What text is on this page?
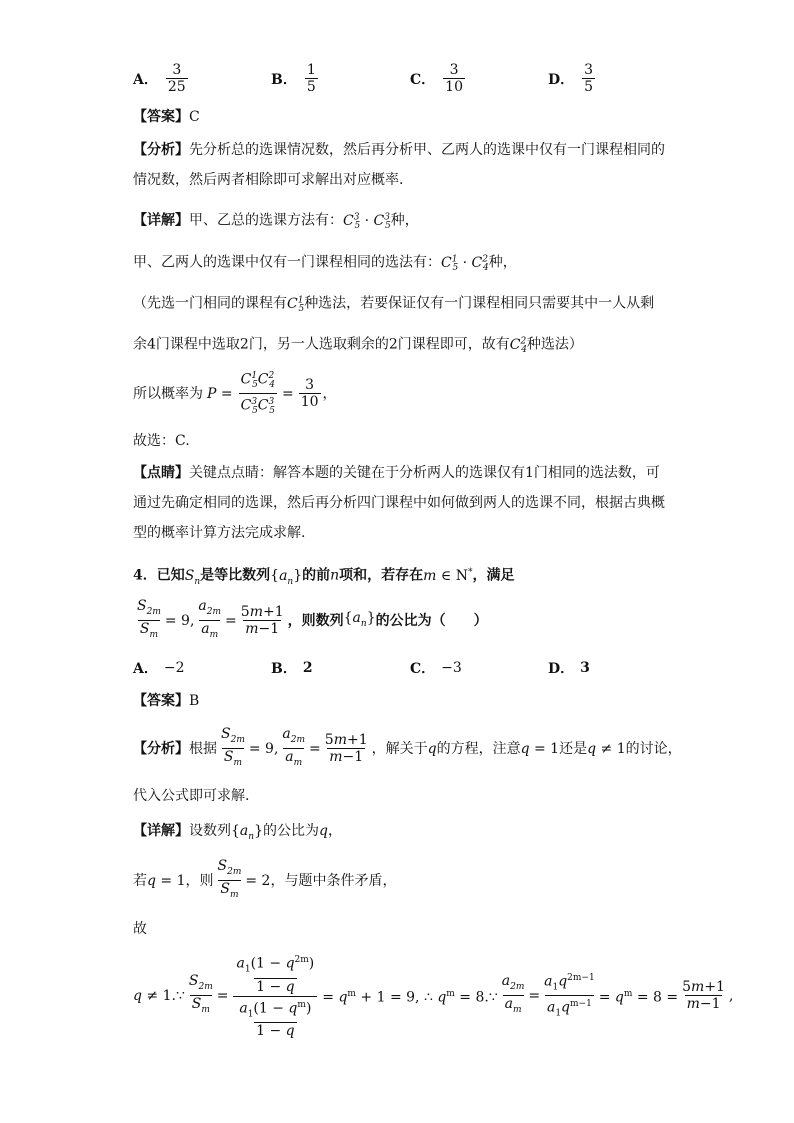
A． $\frac{3}{25}$	B． $\frac{1}{5}$	C． $\frac{3}{10}$	D． $\frac{3}{5}$
【答案】C
【分析】先分析总的选课情况数，然后再分析甲、乙两人的选课中仅有一门课程相同的
情况数，然后两者相除即可求解出对应概率.
【详解】甲、乙总的选课方法有：$C^3_5 \cdot C^3_5$种，
甲、乙两人的选课中仅有一门课程相同的选法有：$C^1_5 \cdot C^2_4$种，
（先选一门相同的课程有$C^1_5$种选法，若要保证仅有一门课程相同只需要其中一人从剩
余4门课程中选取2门，另一人选取剩余的2门课程即可，故有$C^2_4$种选法）
所以概率为 $P = \frac{C^1_5C^2_4}{C^3_5C^3_5} = \frac{3}{10}$ ，
故选：C.
【点睛】关键点点睛：解答本题的关键在于分析两人的选课仅有1门相同的选法数，可
通过先确定相同的选课，然后再分析四门课程中如何做到两人的选课不同，根据古典概
型的概率计算方法完成求解.
4．已知$S_n$是等比数列$\{a_n\}$的前n项和，若存在m ∈ N*，满足
$\frac{S_{2m}}{S_m} = 9$, $\frac{a_{2m}}{a_m} = \frac{5m+1}{m-1}$ ，则数列 $\{a_n\}$ 的公比为（　　）
A． −2	B． 2	C． −3	D． 3
【答案】B
【分析】 根据 $\frac{S_{2m}}{S_m} = 9$, $\frac{a_{2m}}{a_m} = \frac{5m+1}{m-1}$ ，解关于 q 的方程，注意 q = 1 还是 q ≠ 1 的讨论，
代入公式即可求解.
【详解】设数列$\{a_n\}$的公比为q，
若 q = 1 ，则 $\frac{S_{2m}}{S_m} = 2$ ，与题中条件矛盾，
故
q ≠ 1.∵ $\frac{S_{2m}}{S_m} = \frac{\frac{a_1(1 - q^{2m})}{1 - q}}{\frac{a_1(1 - q^m)}{1 - q}} = q^m + 1 = 9$, ∴ $q^m$ = 8.∵ $\frac{a_{2m}}{a_m} = \frac{a_1q^{2m-1}}{a_1q^{m-1}} = q^m = 8 = \frac{5m+1}{m-1}$ ,
